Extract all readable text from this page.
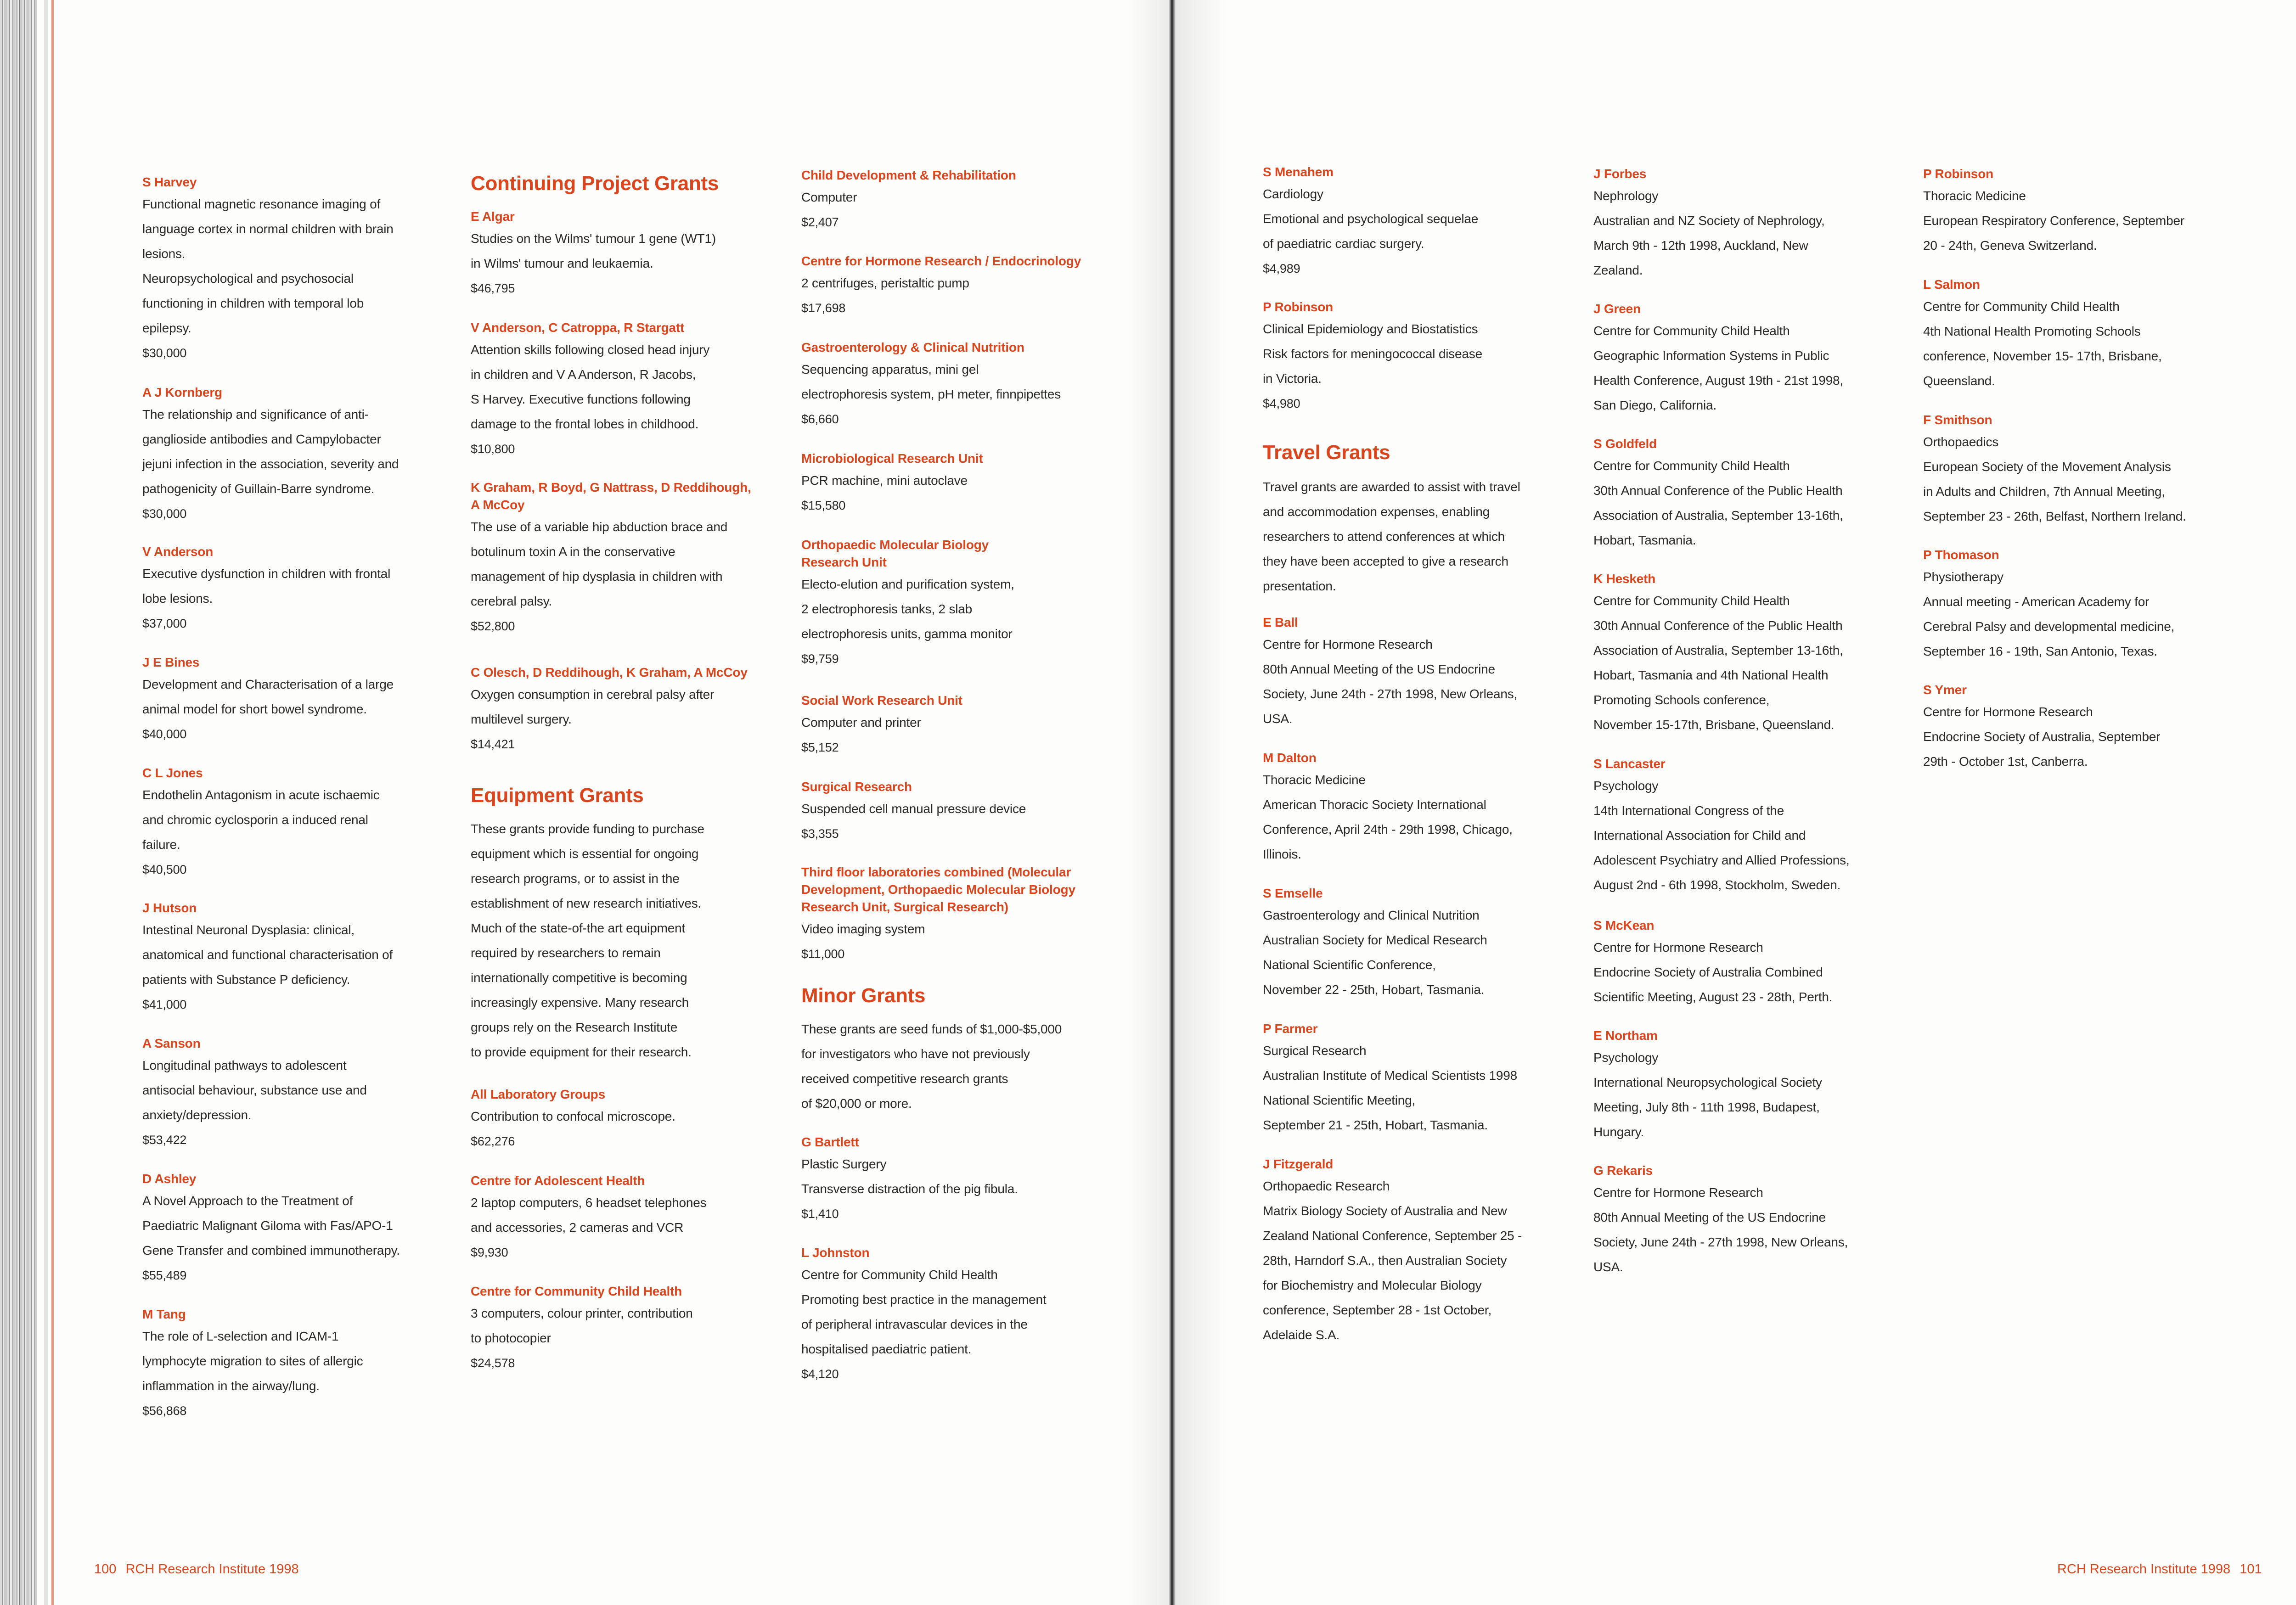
S Harvey
Functional magnetic resonance imaging of
language cortex in normal children with brain
lesions.
Neuropsychological and psychosocial
functioning in children with temporal lob
epilepsy.
$30,000
A J Kornberg
The relationship and significance of anti-
ganglioside antibodies and Campylobacter
jejuni infection in the association, severity and
pathogenicity of Guillain-Barre syndrome.
$30,000
V Anderson
Executive dysfunction in children with frontal
lobe lesions.
$37,000
J E Bines
Development and Characterisation of a large
animal model for short bowel syndrome.
$40,000
C L Jones
Endothelin Antagonism in acute ischaemic
and chromic cyclosporin a induced renal
failure.
$40,500
J Hutson
Intestinal Neuronal Dysplasia: clinical,
anatomical and functional characterisation of
patients with Substance P deficiency.
$41,000
A Sanson
Longitudinal pathways to adolescent
antisocial behaviour, substance use and
anxiety/depression.
$53,422
D Ashley
A Novel Approach to the Treatment of
Paediatric Malignant Giloma with Fas/APO-1
Gene Transfer and combined immunotherapy.
$55,489
M Tang
The role of L-selection and ICAM-1
lymphocyte migration to sites of allergic
inflammation in the airway/lung.
$56,868
Continuing Project Grants
E Algar
Studies on the Wilms' tumour 1 gene (WT1)
in Wilms' tumour and leukaemia.
$46,795
V Anderson, C Catroppa, R Stargatt
Attention skills following closed head injury
in children and V A Anderson, R Jacobs,
S Harvey. Executive functions following
damage to the frontal lobes in childhood.
$10,800
K Graham, R Boyd, G Nattrass, D Reddihough,
A McCoy
The use of a variable hip abduction brace and
botulinum toxin A in the conservative
management of hip dysplasia in children with
cerebral palsy.
$52,800
C Olesch, D Reddihough, K Graham, A McCoy
Oxygen consumption in cerebral palsy after
multilevel surgery.
$14,421
Equipment Grants
These grants provide funding to purchase
equipment which is essential for ongoing
research programs, or to assist in the
establishment of new research initiatives.
Much of the state-of-the art equipment
required by researchers to remain
internationally competitive is becoming
increasingly expensive. Many research
groups rely on the Research Institute
to provide equipment for their research.
All Laboratory Groups
Contribution to confocal microscope.
$62,276
Centre for Adolescent Health
2 laptop computers, 6 headset telephones
and accessories, 2 cameras and VCR
$9,930
Centre for Community Child Health
3 computers, colour printer, contribution
to photocopier
$24,578
Child Development & Rehabilitation
Computer
$2,407
Centre for Hormone Research / Endocrinology
2 centrifuges, peristaltic pump
$17,698
Gastroenterology & Clinical Nutrition
Sequencing apparatus, mini gel
electrophoresis system, pH meter, finnpipettes
$6,660
Microbiological Research Unit
PCR machine, mini autoclave
$15,580
Orthopaedic Molecular Biology
Research Unit
Electo-elution and purification system,
2 electrophoresis tanks, 2 slab
electrophoresis units, gamma monitor
$9,759
Social Work Research Unit
Computer and printer
$5,152
Surgical Research
Suspended cell manual pressure device
$3,355
Third floor laboratories combined (Molecular
Development, Orthopaedic Molecular Biology
Research Unit, Surgical Research)
Video imaging system
$11,000
Minor Grants
These grants are seed funds of $1,000-$5,000
for investigators who have not previously
received competitive research grants
of $20,000 or more.
G Bartlett
Plastic Surgery
Transverse distraction of the pig fibula.
$1,410
L Johnston
Centre for Community Child Health
Promoting best practice in the management
of peripheral intravascular devices in the
hospitalised paediatric patient.
$4,120
100 RCH Research Institute 1998
S Menahem
Cardiology
Emotional and psychological sequelae
of paediatric cardiac surgery.
$4,989
P Robinson
Clinical Epidemiology and Biostatistics
Risk factors for meningococcal disease
in Victoria.
$4,980
Travel Grants
Travel grants are awarded to assist with travel
and accommodation expenses, enabling
researchers to attend conferences at which
they have been accepted to give a research
presentation.
E Ball
Centre for Hormone Research
80th Annual Meeting of the US Endocrine
Society, June 24th - 27th 1998, New Orleans,
USA.
M Dalton
Thoracic Medicine
American Thoracic Society International
Conference, April 24th - 29th 1998, Chicago,
Illinois.
S Emselle
Gastroenterology and Clinical Nutrition
Australian Society for Medical Research
National Scientific Conference,
November 22 - 25th, Hobart, Tasmania.
P Farmer
Surgical Research
Australian Institute of Medical Scientists 1998
National Scientific Meeting,
September 21 - 25th, Hobart, Tasmania.
J Fitzgerald
Orthopaedic Research
Matrix Biology Society of Australia and New
Zealand National Conference, September 25 -
28th, Harndorf S.A., then Australian Society
for Biochemistry and Molecular Biology
conference, September 28 - 1st October,
Adelaide S.A.
J Forbes
Nephrology
Australian and NZ Society of Nephrology,
March 9th - 12th 1998, Auckland, New
Zealand.
J Green
Centre for Community Child Health
Geographic Information Systems in Public
Health Conference, August 19th - 21st 1998,
San Diego, California.
S Goldfeld
Centre for Community Child Health
30th Annual Conference of the Public Health
Association of Australia, September 13-16th,
Hobart, Tasmania.
K Hesketh
Centre for Community Child Health
30th Annual Conference of the Public Health
Association of Australia, September 13-16th,
Hobart, Tasmania and 4th National Health
Promoting Schools conference,
November 15-17th, Brisbane, Queensland.
S Lancaster
Psychology
14th International Congress of the
International Association for Child and
Adolescent Psychiatry and Allied Professions,
August 2nd - 6th 1998, Stockholm, Sweden.
S McKean
Centre for Hormone Research
Endocrine Society of Australia Combined
Scientific Meeting, August 23 - 28th, Perth.
E Northam
Psychology
International Neuropsychological Society
Meeting, July 8th - 11th 1998, Budapest,
Hungary.
G Rekaris
Centre for Hormone Research
80th Annual Meeting of the US Endocrine
Society, June 24th - 27th 1998, New Orleans,
USA.
P Robinson
Thoracic Medicine
European Respiratory Conference, September
20 - 24th, Geneva Switzerland.
L Salmon
Centre for Community Child Health
4th National Health Promoting Schools
conference, November 15- 17th, Brisbane,
Queensland.
F Smithson
Orthopaedics
European Society of the Movement Analysis
in Adults and Children, 7th Annual Meeting,
September 23 - 26th, Belfast, Northern Ireland.
P Thomason
Physiotherapy
Annual meeting - American Academy for
Cerebral Palsy and developmental medicine,
September 16 - 19th, San Antonio, Texas.
S Ymer
Centre for Hormone Research
Endocrine Society of Australia, September
29th - October 1st, Canberra.
RCH Research Institute 1998 101
